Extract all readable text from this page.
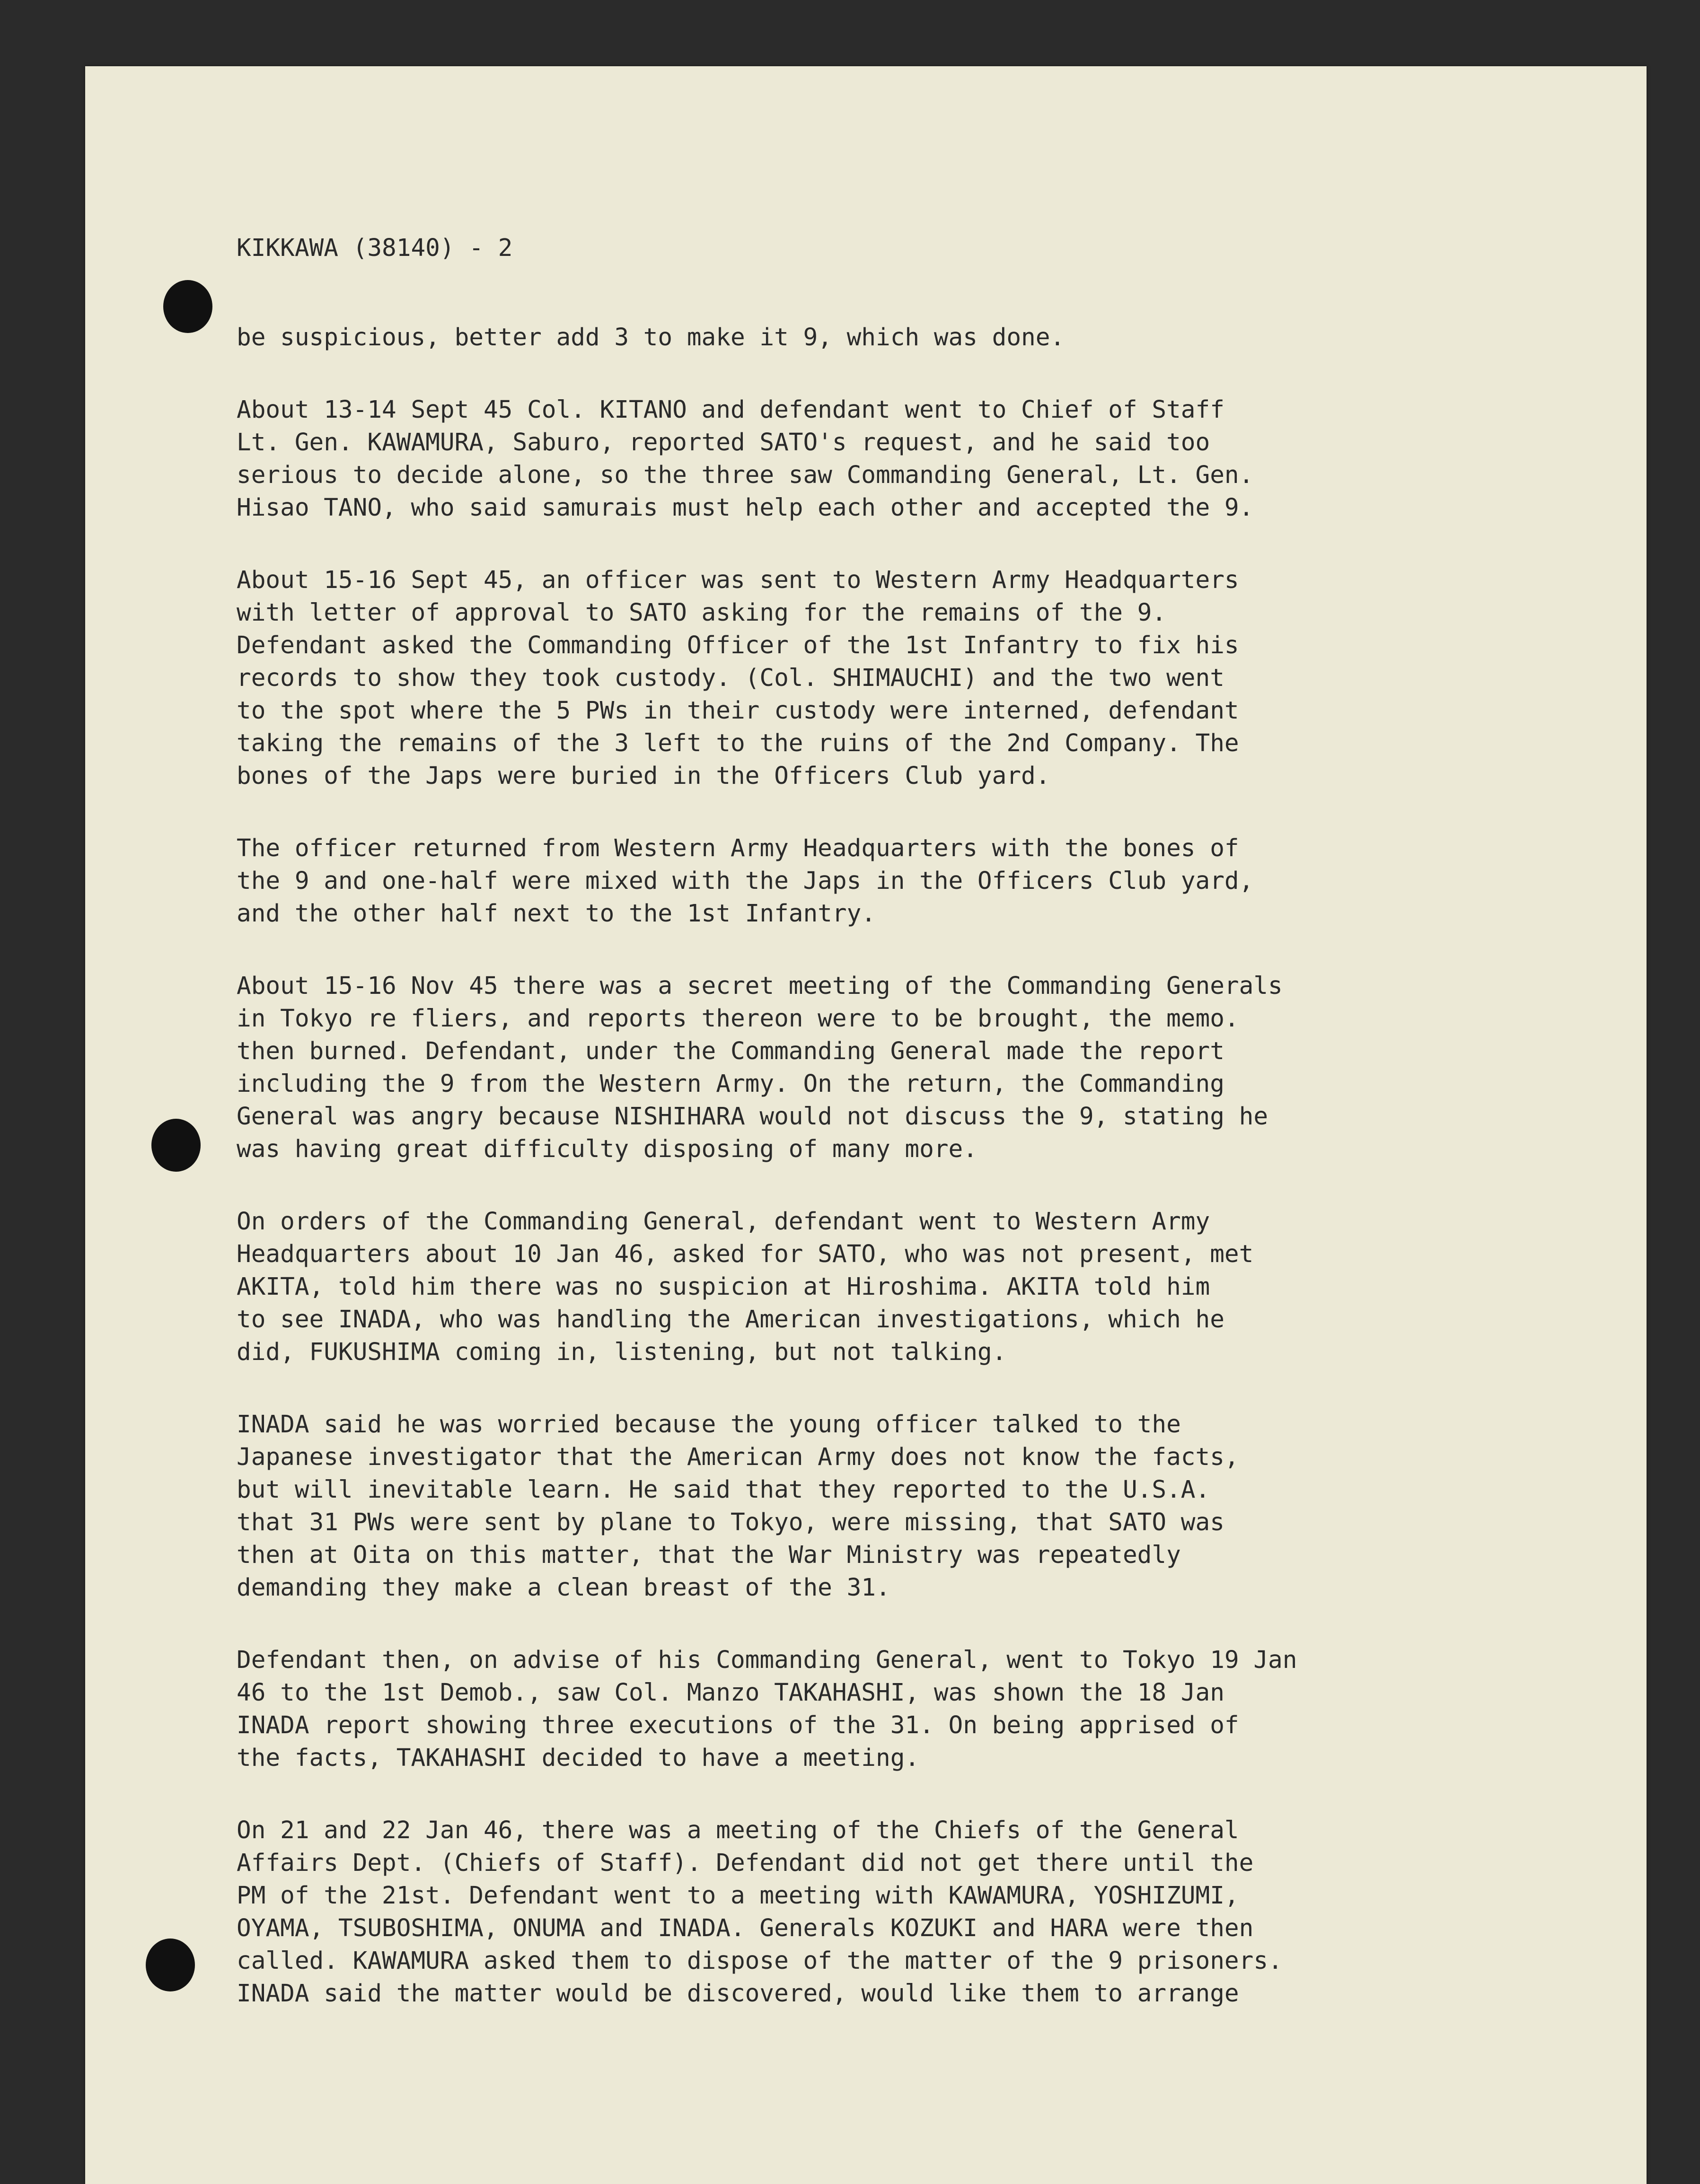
KIKKAWA (38140) - 2
be suspicious, better add 3 to make it 9, which was done.
About 13-14 Sept 45 Col. KITANO and defendant went to Chief of Staff
Lt. Gen. KAWAMURA, Saburo, reported SATO's request, and he said too
serious to decide alone, so the three saw Commanding General, Lt. Gen.
Hisao TANO, who said samurais must help each other and accepted the 9.
About 15-16 Sept 45, an officer was sent to Western Army Headquarters
with letter of approval to SATO asking for the remains of the 9.
Defendant asked the Commanding Officer of the 1st Infantry to fix his
records to show they took custody. (Col. SHIMAUCHI) and the two went
to the spot where the 5 PWs in their custody were interned, defendant
taking the remains of the 3 left to the ruins of the 2nd Company. The
bones of the Japs were buried in the Officers Club yard.
The officer returned from Western Army Headquarters with the bones of
the 9 and one-half were mixed with the Japs in the Officers Club yard,
and the other half next to the 1st Infantry.
About 15-16 Nov 45 there was a secret meeting of the Commanding Generals
in Tokyo re fliers, and reports thereon were to be brought, the memo.
then burned. Defendant, under the Commanding General made the report
including the 9 from the Western Army. On the return, the Commanding
General was angry because NISHIHARA would not discuss the 9, stating he
was having great difficulty disposing of many more.
On orders of the Commanding General, defendant went to Western Army
Headquarters about 10 Jan 46, asked for SATO, who was not present, met
AKITA, told him there was no suspicion at Hiroshima. AKITA told him
to see INADA, who was handling the American investigations, which he
did, FUKUSHIMA coming in, listening, but not talking.
INADA said he was worried because the young officer talked to the
Japanese investigator that the American Army does not know the facts,
but will inevitable learn. He said that they reported to the U.S.A.
that 31 PWs were sent by plane to Tokyo, were missing, that SATO was
then at Oita on this matter, that the War Ministry was repeatedly
demanding they make a clean breast of the 31.
Defendant then, on advise of his Commanding General, went to Tokyo 19 Jan
46 to the 1st Demob., saw Col. Manzo TAKAHASHI, was shown the 18 Jan
INADA report showing three executions of the 31. On being apprised of
the facts, TAKAHASHI decided to have a meeting.
On 21 and 22 Jan 46, there was a meeting of the Chiefs of the General
Affairs Dept. (Chiefs of Staff). Defendant did not get there until the
PM of the 21st. Defendant went to a meeting with KAWAMURA, YOSHIZUMI,
OYAMA, TSUBOSHIMA, ONUMA and INADA. Generals KOZUKI and HARA were then
called. KAWAMURA asked them to dispose of the matter of the 9 prisoners.
INADA said the matter would be discovered, would like them to arrange
